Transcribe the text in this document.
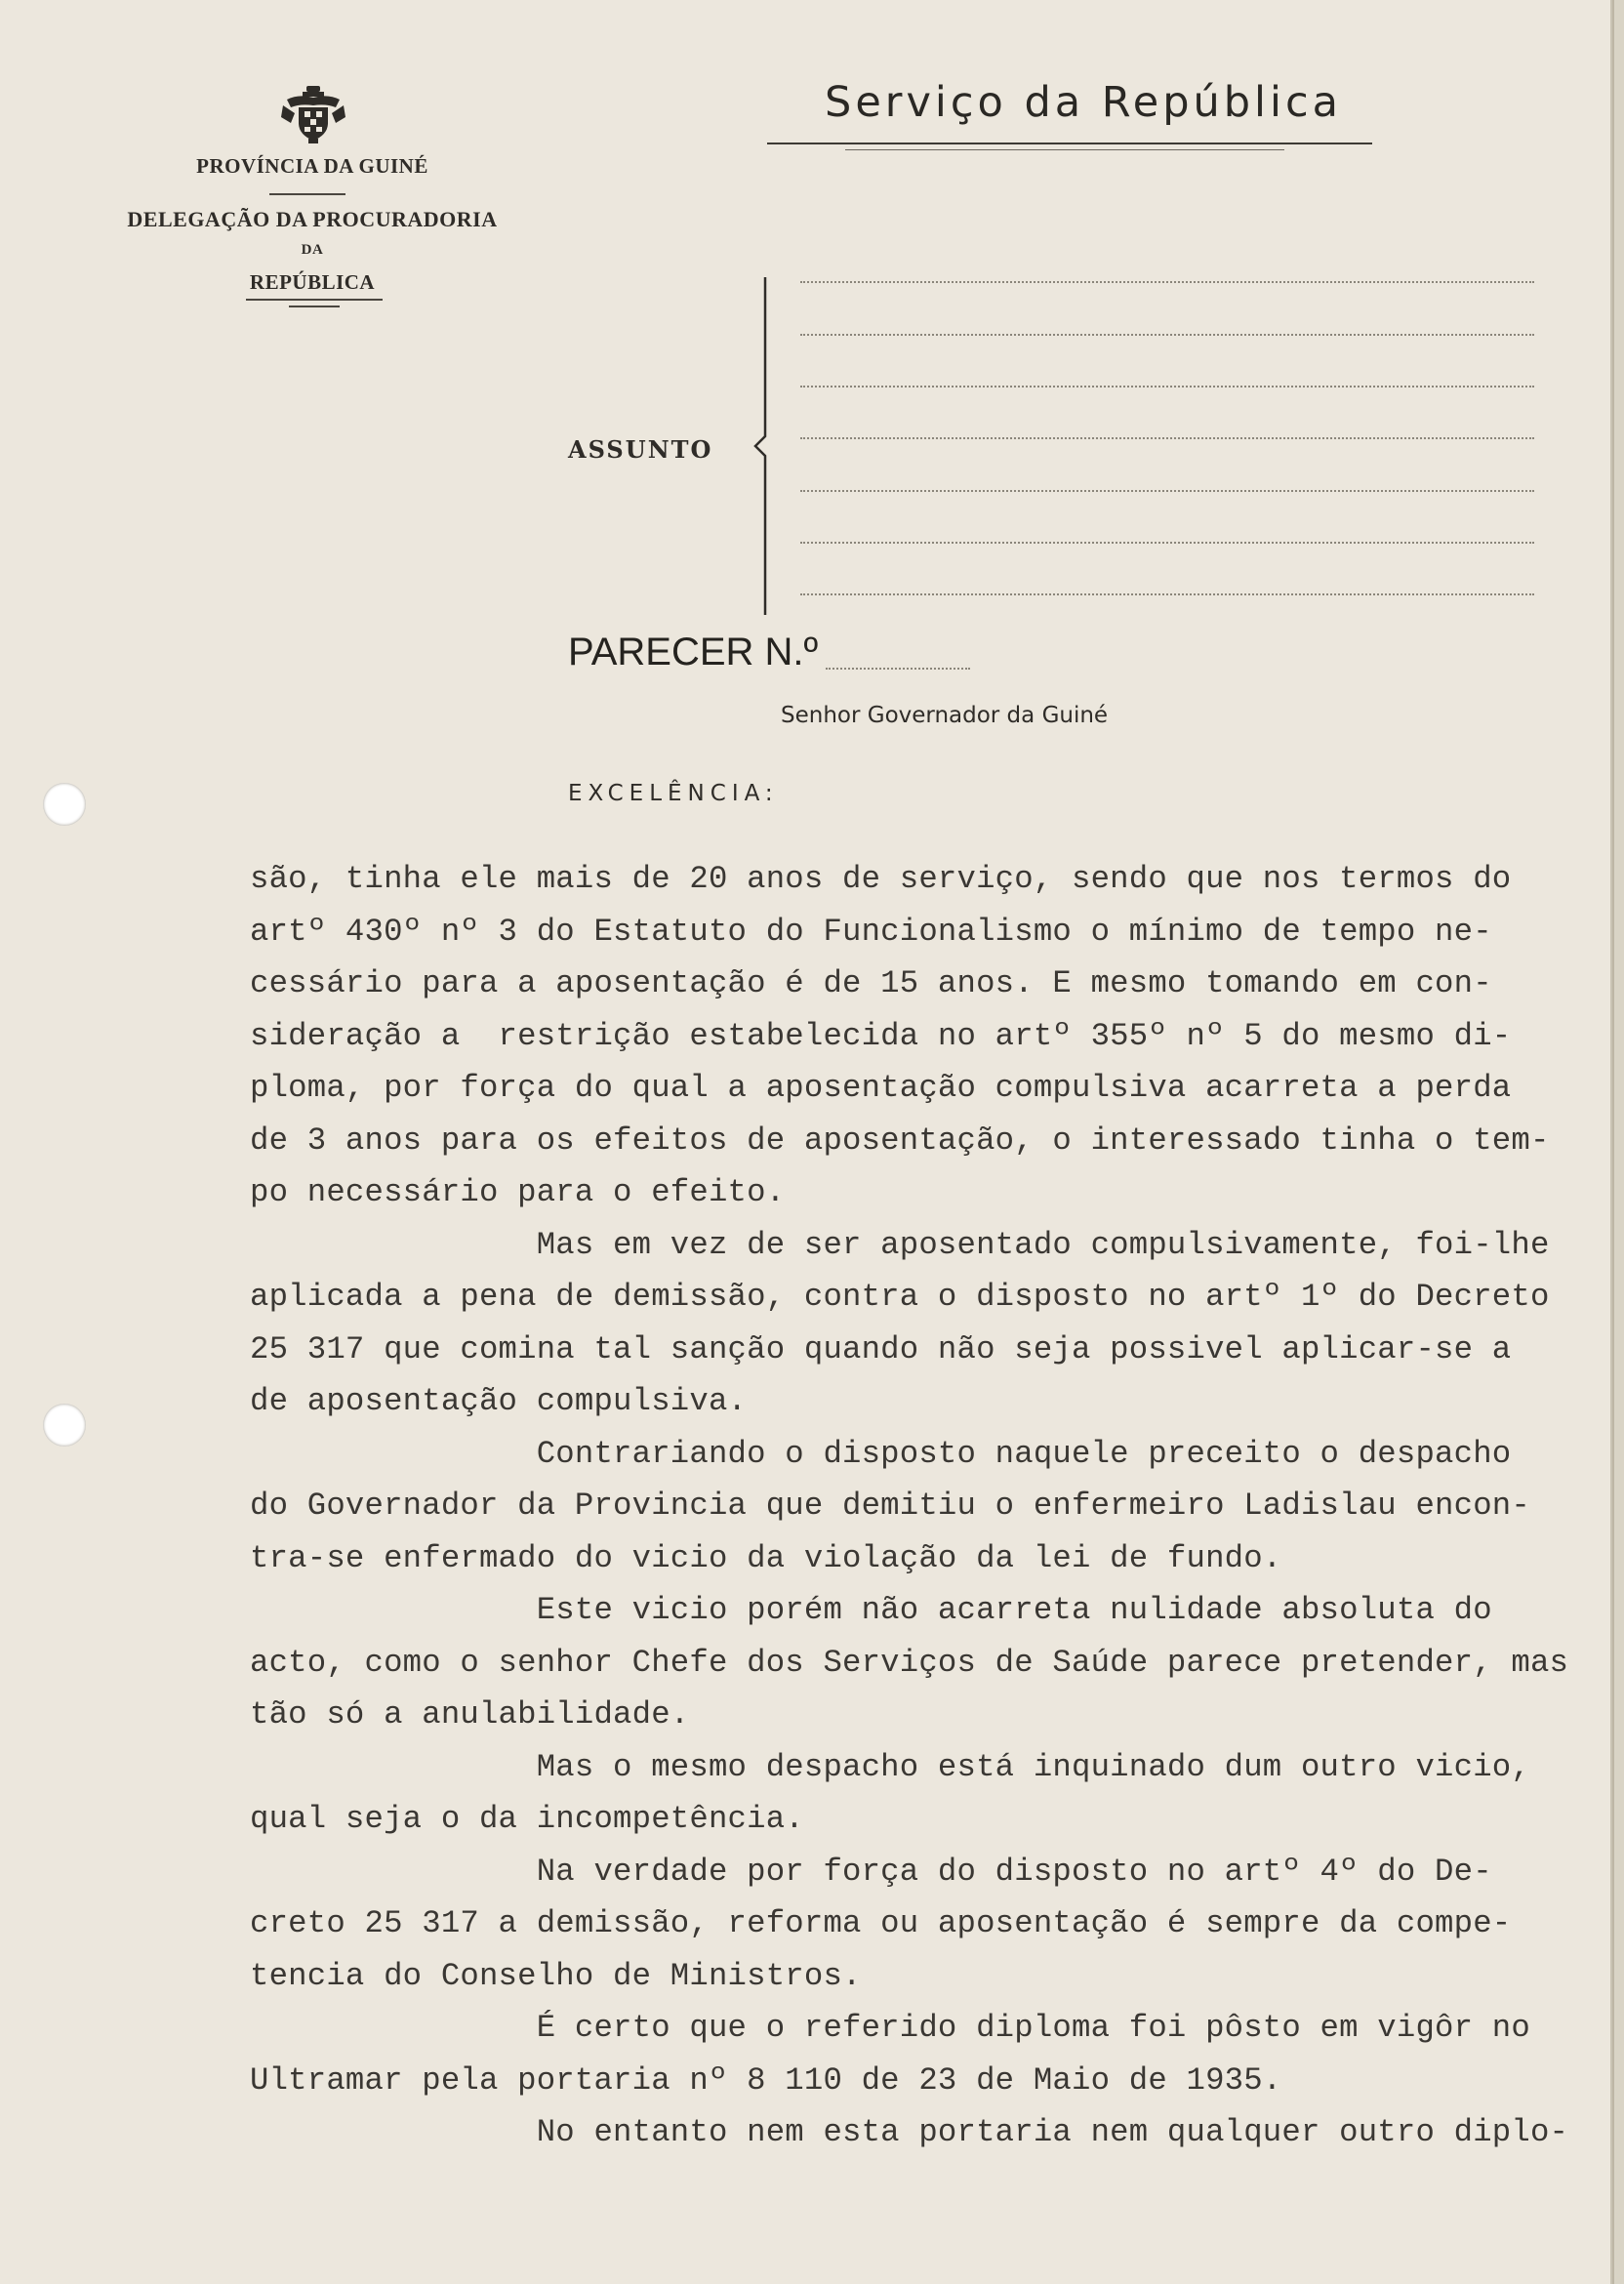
PROVÍNCIA DA GUINÉ
DELEGAÇÃO DA PROCURADORIA
DA
REPÚBLICA
Serviço da República
ASSUNTO
PARECER N.º
Senhor Governador da Guiné
EXCELÊNCIA:
são, tinha ele mais de 20 anos de serviço, sendo que nos termos do
artº 430º nº 3 do Estatuto do Funcionalismo o mínimo de tempo ne-
cessário para a aposentação é de 15 anos. E mesmo tomando em con-
sideração a  restrição estabelecida no artº 355º nº 5 do mesmo di-
ploma, por força do qual a aposentação compulsiva acarreta a perda
de 3 anos para os efeitos de aposentação, o interessado tinha o tem-
po necessário para o efeito.
Mas em vez de ser aposentado compulsivamente, foi-lhe
aplicada a pena de demissão, contra o disposto no artº 1º do Decreto
25 317 que comina tal sanção quando não seja possivel aplicar-se a
de aposentação compulsiva.
Contrariando o disposto naquele preceito o despacho
do Governador da Provincia que demitiu o enfermeiro Ladislau encon-
tra-se enfermado do vicio da violação da lei de fundo.
Este vicio porém não acarreta nulidade absoluta do
acto, como o senhor Chefe dos Serviços de Saúde parece pretender, mas
tão só a anulabilidade.
Mas o mesmo despacho está inquinado dum outro vicio,
qual seja o da incompetência.
Na verdade por força do disposto no artº 4º do De-
creto 25 317 a demissão, reforma ou aposentação é sempre da compe-
tencia do Conselho de Ministros.
É certo que o referido diploma foi pôsto em vigôr no
Ultramar pela portaria nº 8 110 de 23 de Maio de 1935.
No entanto nem esta portaria nem qualquer outro diplo-
